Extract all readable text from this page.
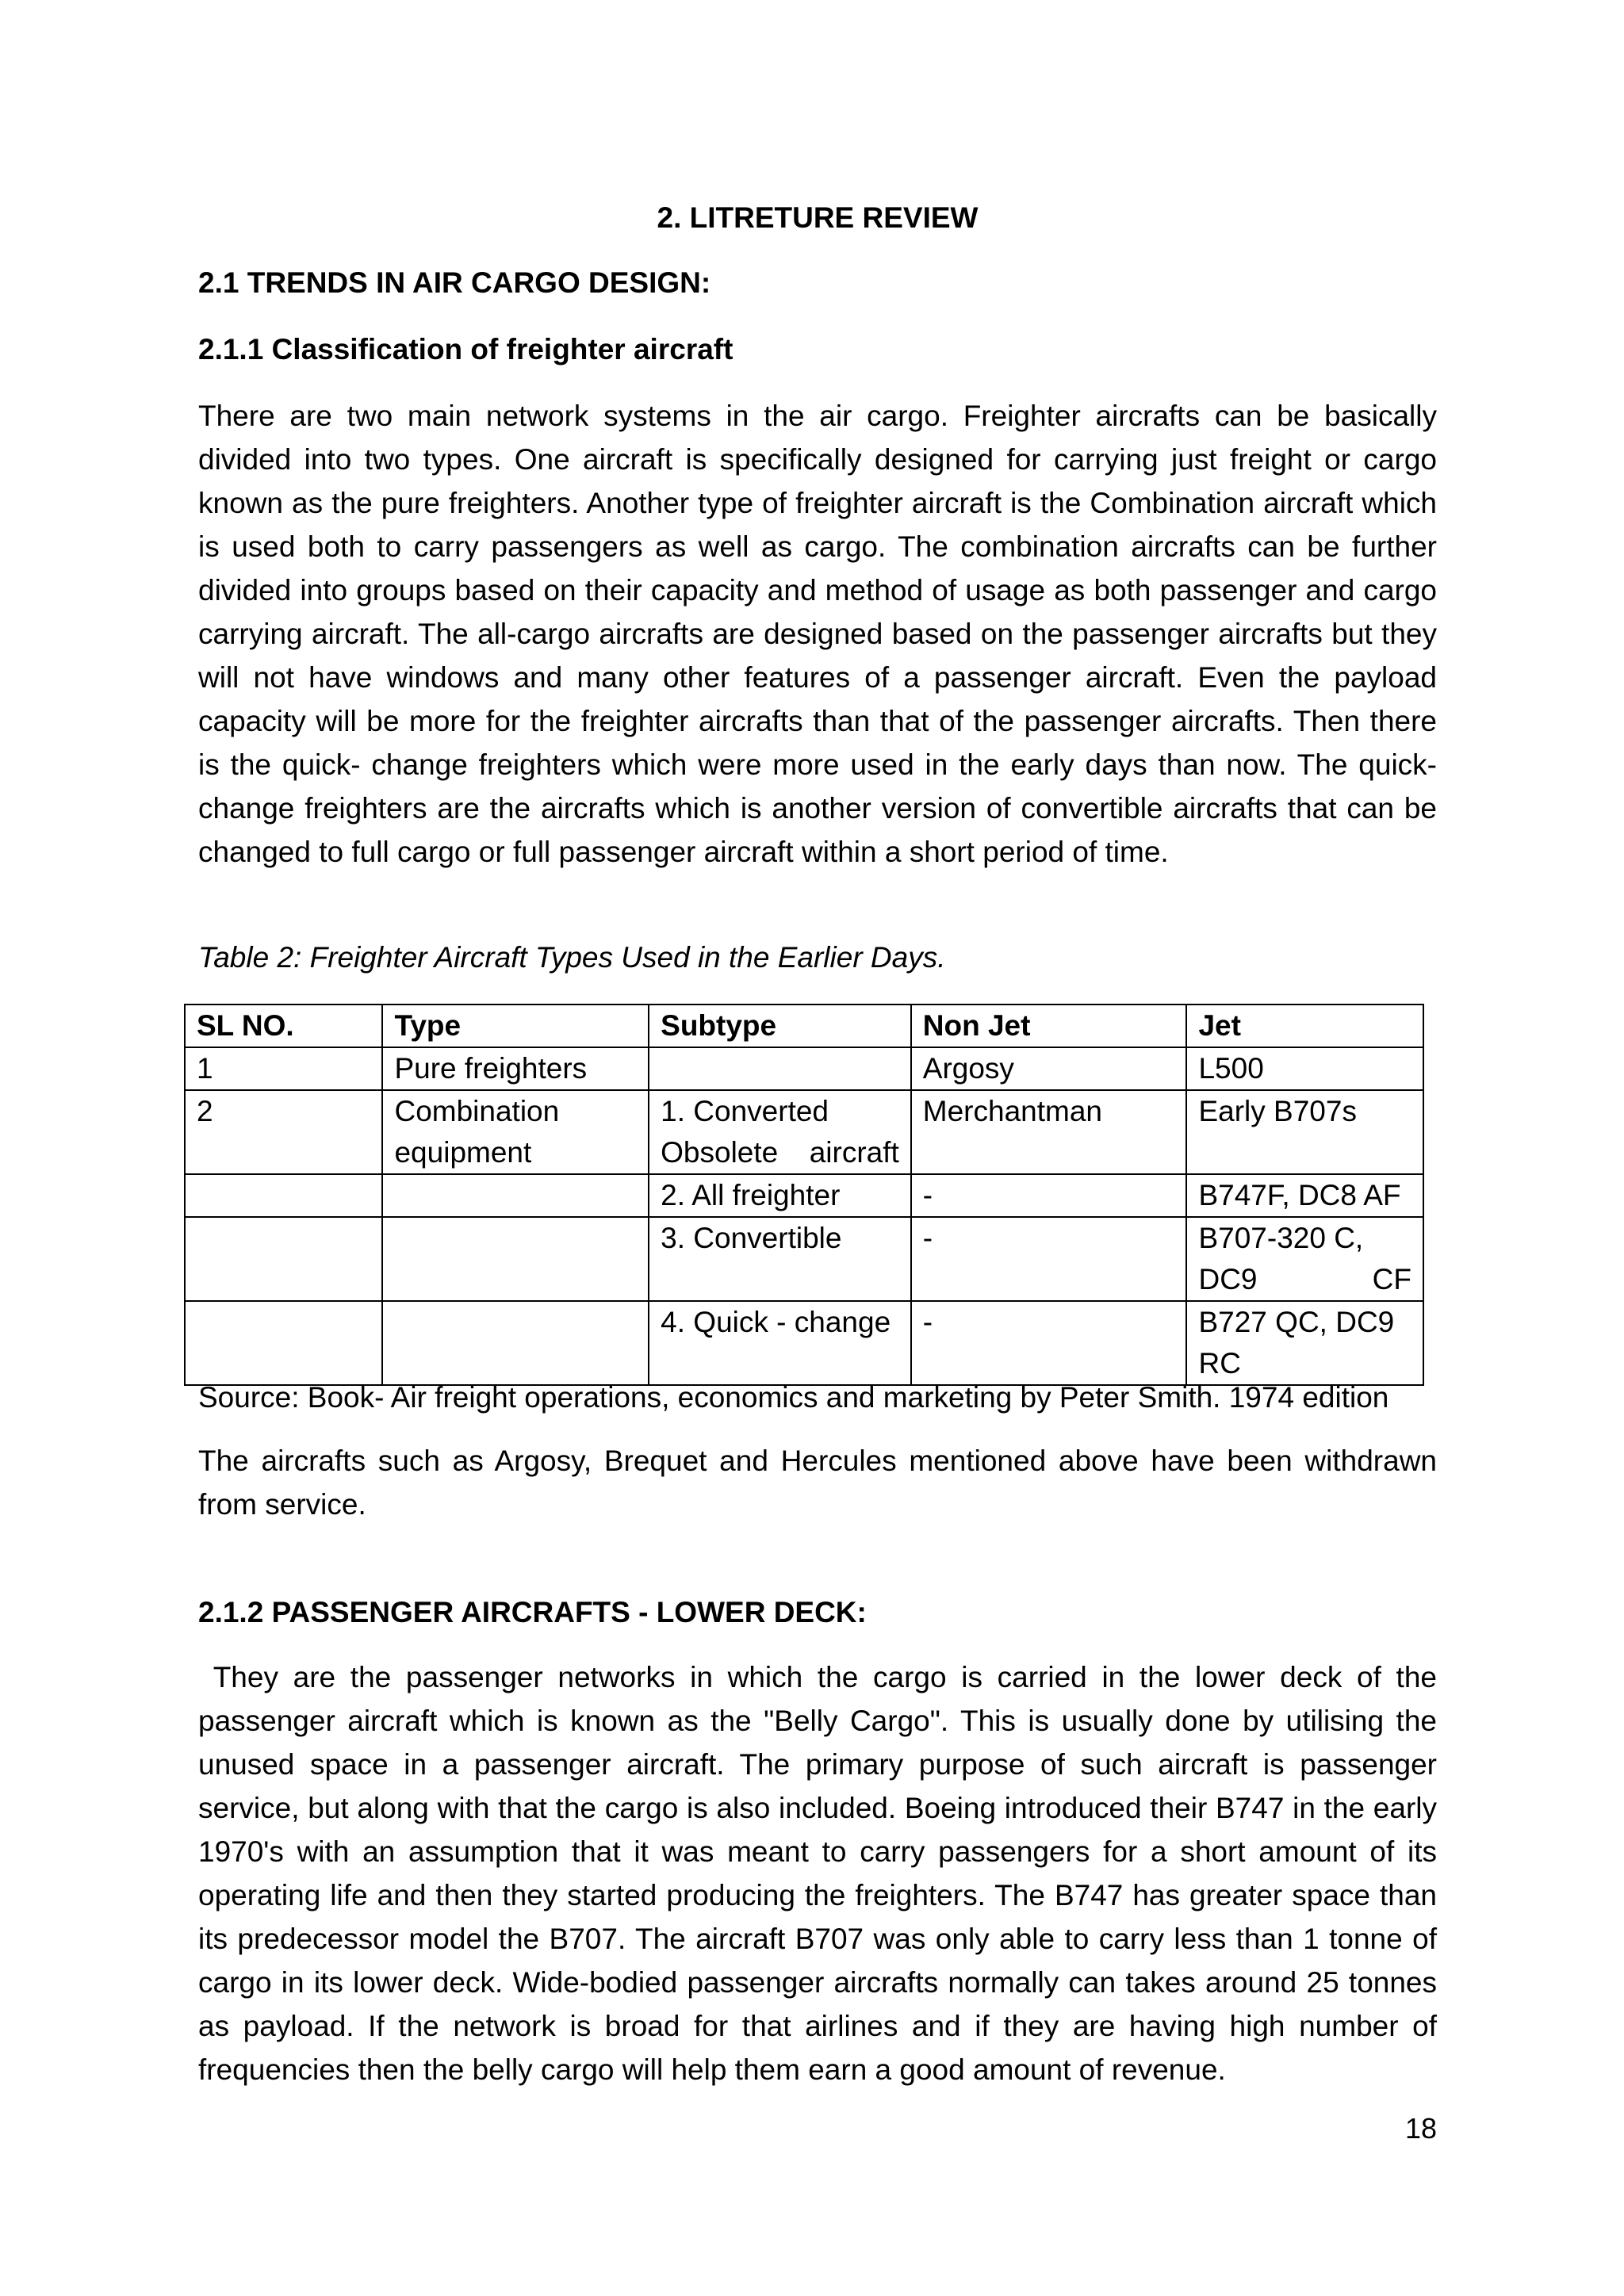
2. LITRETURE REVIEW
2.1 TRENDS IN AIR CARGO DESIGN:
2.1.1 Classification of freighter aircraft

There are two main network systems in the air cargo. Freighter aircrafts can be basically divided into two types. One aircraft is specifically designed for carrying just freight or cargo known as the pure freighters. Another type of freighter aircraft is the Combination aircraft which is used both to carry passengers as well as cargo. The combination aircrafts can be further divided into groups based on their capacity and method of usage as both passenger and cargo carrying aircraft. The all-cargo aircrafts are designed based on the passenger aircrafts but they will not have windows and many other features of a passenger aircraft. Even the payload capacity will be more for the freighter aircrafts than that of the passenger aircrafts. Then there is the quick- change freighters which were more used in the early days than now. The quick-change freighters are the aircrafts which is another version of convertible aircrafts that can be changed to full cargo or full passenger aircraft within a short period of time.

Table 2: Freighter Aircraft Types Used in the Earlier Days.

SL NO.	Type	Subtype	Non Jet	Jet
1	Pure freighters		Argosy	L500
2	Combination equipment	1. Converted Obsolete aircraft	Merchantman	Early B707s
		2. All freighter	-	B747F, DC8 AF
		3. Convertible	-	B707-320 C, DC9 CF
		4. Quick - change	-	B727 QC, DC9 RC

Source: Book- Air freight operations, economics and marketing by Peter Smith. 1974 edition

The aircrafts such as Argosy, Brequet and Hercules mentioned above have been withdrawn from service.

2.1.2 PASSENGER AIRCRAFTS - LOWER DECK:

They are the passenger networks in which the cargo is carried in the lower deck of the passenger aircraft which is known as the "Belly Cargo". This is usually done by utilising the unused space in a passenger aircraft. The primary purpose of such aircraft is passenger service, but along with that the cargo is also included. Boeing introduced their B747 in the early 1970's with an assumption that it was meant to carry passengers for a short amount of its operating life and then they started producing the freighters. The B747 has greater space than its predecessor model the B707. The aircraft B707 was only able to carry less than 1 tonne of cargo in its lower deck. Wide-bodied passenger aircrafts normally can takes around 25 tonnes as payload. If the network is broad for that airlines and if they are having high number of frequencies then the belly cargo will help them earn a good amount of revenue.

18
